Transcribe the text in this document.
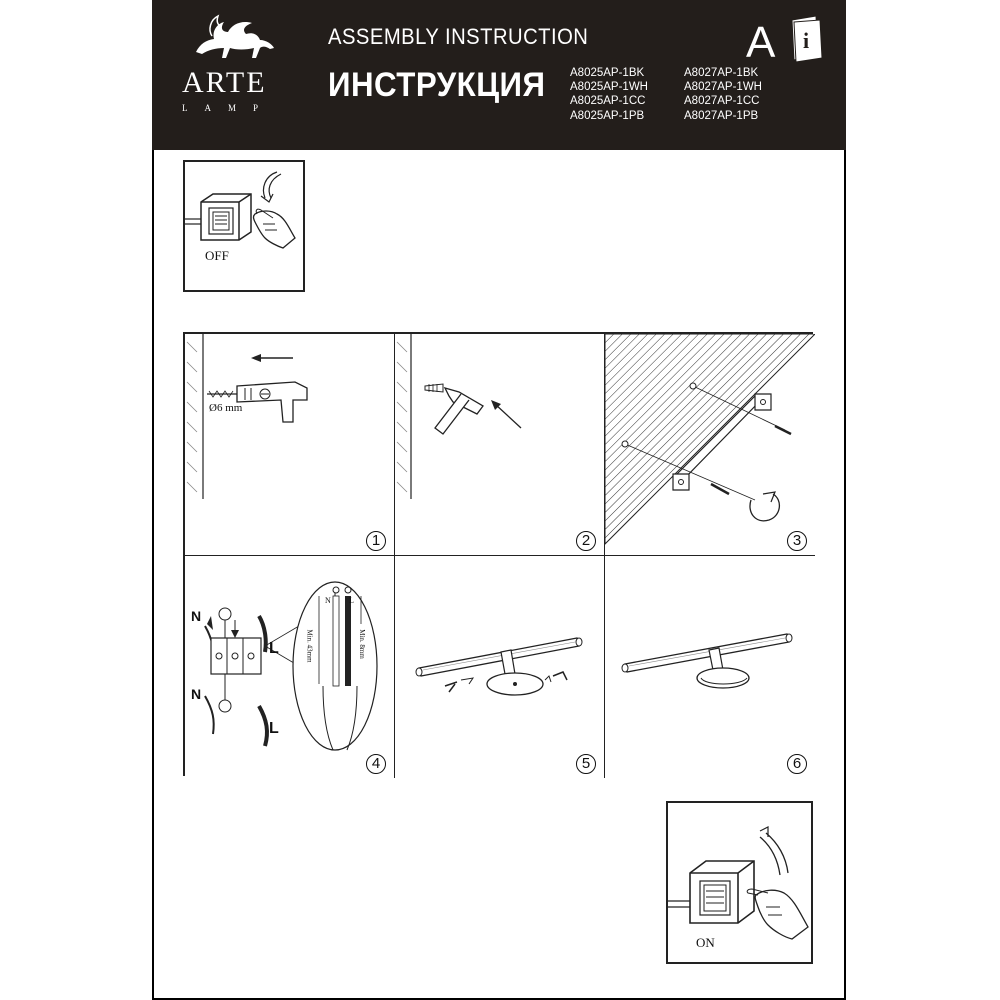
ARTE
LAMP
ASSEMBLY INSTRUCTION
ИНСТРУКЦИЯ A8025AP-1BK
A8025AP-1WH
A8025AP-1CC
A8025AP-1PB
A8027AP-1BK
A8027AP-1WH
A8027AP-1CC
A8027AP-1PB
A i
OFF
Ø6 mm
1	2	3
N
L
N
L
N L
Min. 43mm	Min. 8mm
4	5	6
ON
